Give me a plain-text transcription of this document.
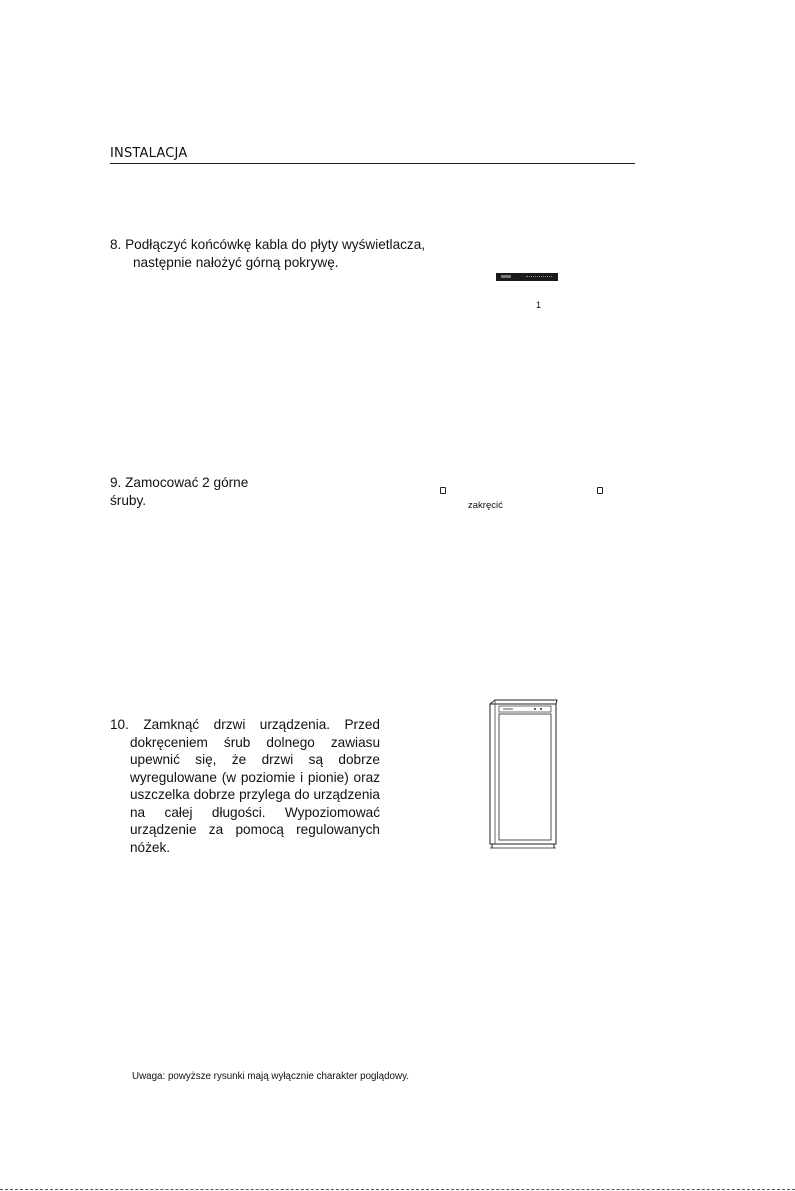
INSTALACJA
8. Podłączyć końcówkę kabla do płyty wyświetlacza,
następnie nałożyć górną pokrywę.
1
9. Zamocować 2 górne śruby.	zakręcić
10. Zamknąć drzwi urządzenia. Przed dokręceniem śrub dolnego zawiasu upewnić się, że drzwi są dobrze wyregulowane (w poziomie i pionie) oraz uszczelka dobrze przylega do urządzenia na całej długości. Wypoziomować urządzenie za pomocą regulowanych nóżek.
Uwaga: powyższe rysunki mają wyłącznie charakter poglądowy.
